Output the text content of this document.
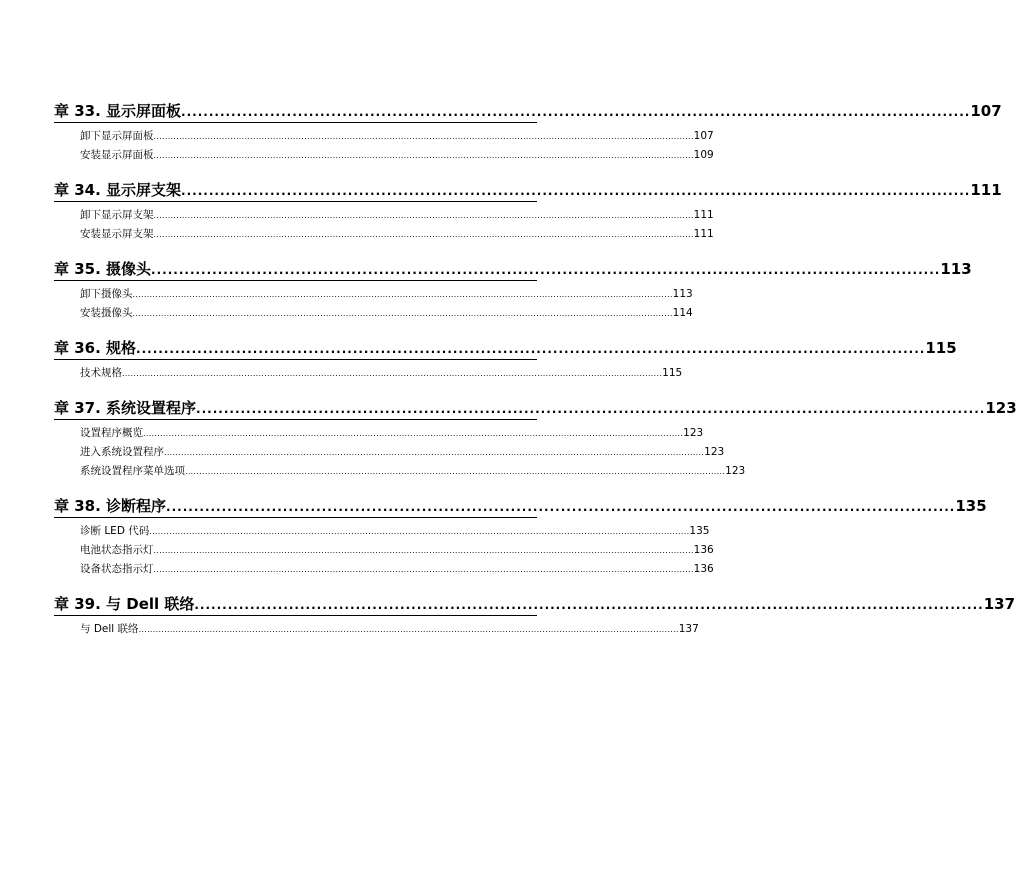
章 33. 显示屏面板 .............................................................................................................................................. 107
卸下显示屏面板 .............................................................................................................................................................................................. 107
安装显示屏面板 .............................................................................................................................................................................................. 109
章 34. 显示屏支架 .............................................................................................................................................. 111
卸下显示屏支架 .............................................................................................................................................................................................. 111
安装显示屏支架 .............................................................................................................................................................................................. 111
章 35. 摄像头 .............................................................................................................................................. 113
卸下摄像头 .............................................................................................................................................................................................. 113
安装摄像头 .............................................................................................................................................................................................. 114
章 36. 规格 .............................................................................................................................................. 115
技术规格 .............................................................................................................................................................................................. 115
章 37. 系统设置程序 .............................................................................................................................................. 123
设置程序概览 .............................................................................................................................................................................................. 123
进入系统设置程序 .............................................................................................................................................................................................. 123
系统设置程序菜单选项 .............................................................................................................................................................................................. 123
章 38. 诊断程序 .............................................................................................................................................. 135
诊断 LED 代码 .............................................................................................................................................................................................. 135
电池状态指示灯 .............................................................................................................................................................................................. 136
设备状态指示灯 .............................................................................................................................................................................................. 136
章 39. 与 Dell 联络 .............................................................................................................................................. 137
与 Dell 联络 .............................................................................................................................................................................................. 137
